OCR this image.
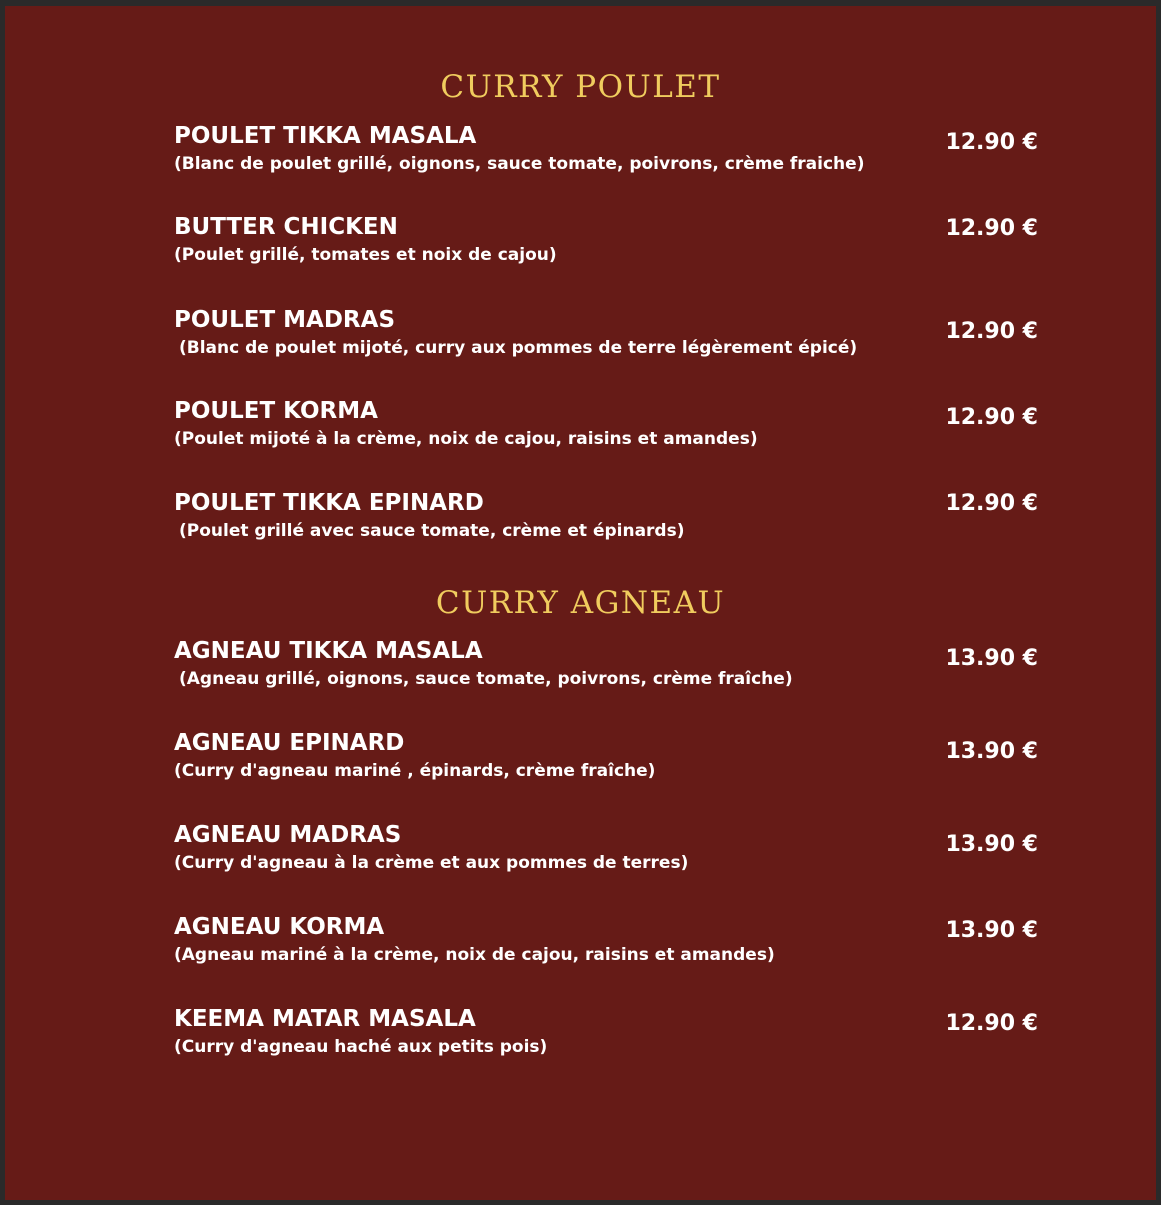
CURRY POULET
POULET TIKKA MASALA
(Blanc de poulet grillé, oignons, sauce tomate, poivrons, crème fraiche)
12.90 €
BUTTER CHICKEN
(Poulet grillé, tomates et noix de cajou)
12.90 €
POULET MADRAS
(Blanc de poulet mijoté, curry aux pommes de terre légèrement épicé)
12.90 €
POULET KORMA
(Poulet mijoté à la crème, noix de cajou, raisins et amandes)
12.90 €
POULET TIKKA EPINARD
(Poulet grillé avec sauce tomate, crème et épinards)
12.90 €
CURRY AGNEAU
AGNEAU TIKKA MASALA
(Agneau grillé, oignons, sauce tomate, poivrons, crème fraîche)
13.90 €
AGNEAU EPINARD
(Curry d'agneau mariné , épinards, crème fraîche)
13.90 €
AGNEAU MADRAS
(Curry d'agneau à la crème et aux pommes de terres)
13.90 €
AGNEAU KORMA
(Agneau mariné à la crème, noix de cajou, raisins et amandes)
13.90 €
KEEMA MATAR MASALA
(Curry d'agneau haché aux petits pois)
12.90 €
